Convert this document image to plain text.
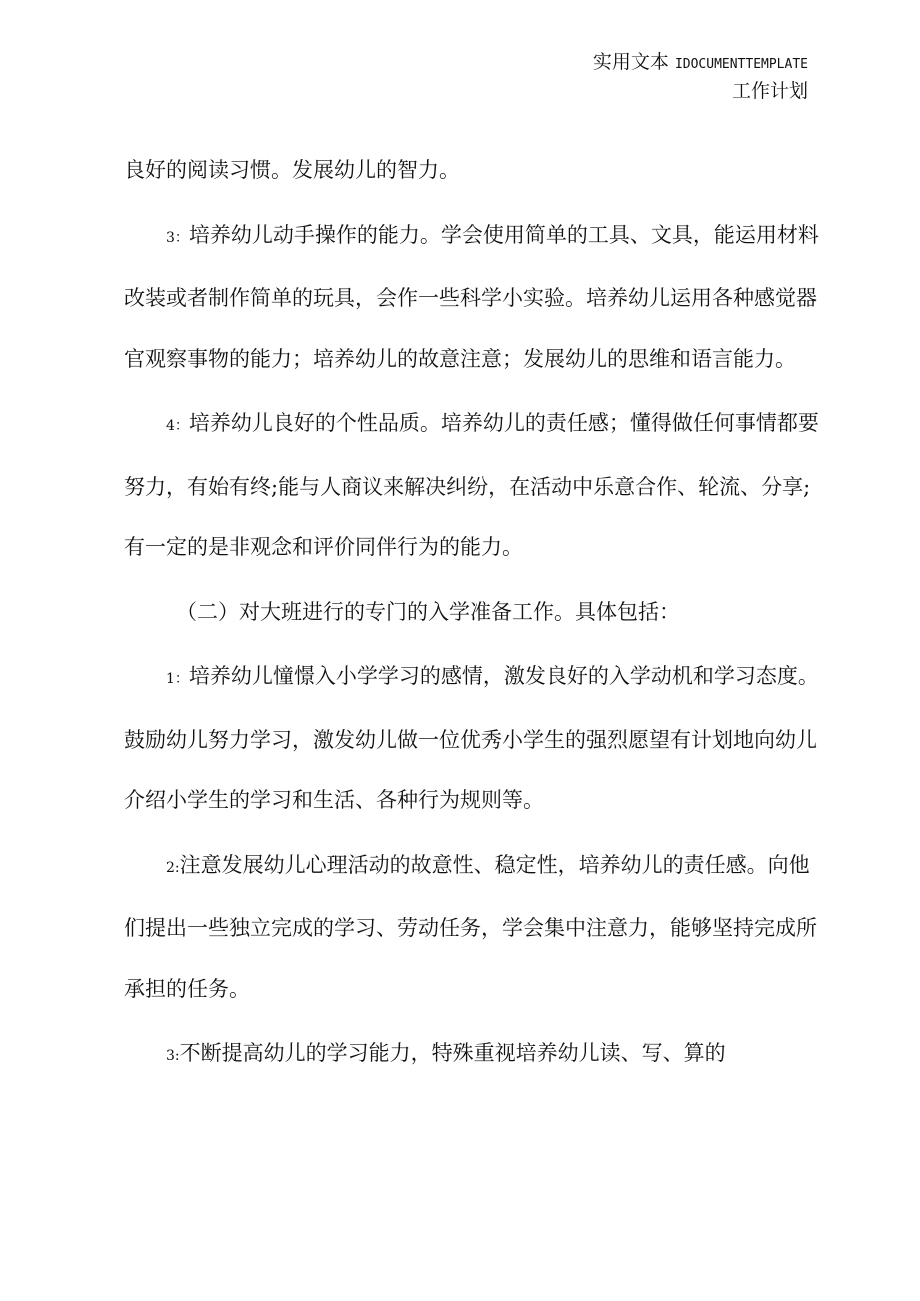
实用文本 IDOCUMENTTEMPLATE
工作计划

良好的阅读习惯。发展幼儿的智力。

3：培养幼儿动手操作的能力。学会使用简单的工具、文具，能运用材料改装或者制作简单的玩具，会作一些科学小实验。培养幼儿运用各种感觉器官观察事物的能力；培养幼儿的故意注意；发展幼儿的思维和语言能力。

4：培养幼儿良好的个性品质。培养幼儿的责任感；懂得做任何事情都要努力，有始有终;能与人商议来解决纠纷，在活动中乐意合作、轮流、分享;有一定的是非观念和评价同伴行为的能力。

（二）对大班进行的专门的入学准备工作。具体包括：

1：培养幼儿憧憬入小学学习的感情，激发良好的入学动机和学习态度。鼓励幼儿努力学习，激发幼儿做一位优秀小学生的强烈愿望有计划地向幼儿介绍小学生的学习和生活、各种行为规则等。

2:注意发展幼儿心理活动的故意性、稳定性，培养幼儿的责任感。向他们提出一些独立完成的学习、劳动任务，学会集中注意力，能够坚持完成所承担的任务。

3:不断提高幼儿的学习能力，特殊重视培养幼儿读、写、算的
